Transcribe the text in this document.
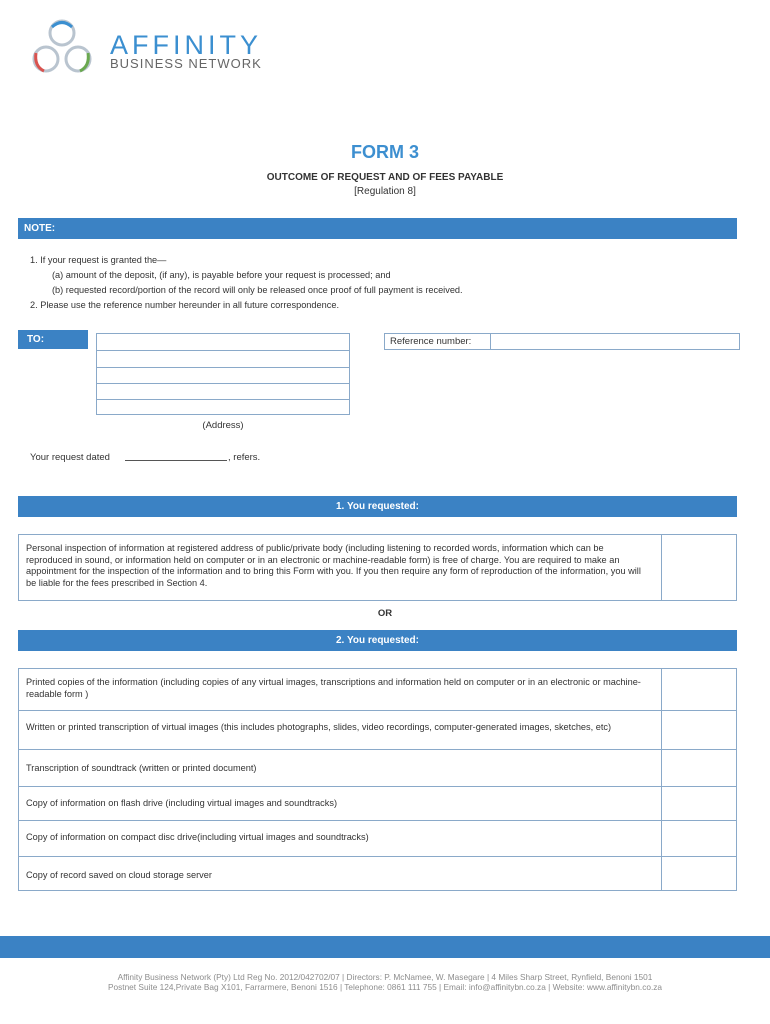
AFFINITY
BUSINESS NETWORK
FORM 3
OUTCOME OF REQUEST AND OF FEES PAYABLE
[Regulation 8]
NOTE:
1. If your request is granted the—
(a) amount of the deposit, (if any), is payable before your request is processed; and
(b) requested record/portion of the record will only be released once proof of full payment is received.
2. Please use the reference number hereunder in all future correspondence.
TO:
(Address)
Reference number:
Your request dated	, refers.
1. You requested:
Personal inspection of information at registered address of public/private body (including listening to recorded words, information which can be reproduced in sound, or information held on computer or in an electronic or machine-readable form) is free of charge. You are required to make an appointment for the inspection of the information and to bring this Form with you. If you then require any form of reproduction of the information, you will be liable for the fees prescribed in Section 4.
OR
2. You requested:
Printed copies of the information (including copies of any virtual images, transcriptions and information held on computer or in an electronic or machine-readable form )
Written or printed transcription of virtual images (this includes photographs, slides, video recordings, computer-generated images, sketches, etc)
Transcription of soundtrack (written or printed document)
Copy of information on flash drive (including virtual images and soundtracks)
Copy of information on compact disc drive(including virtual images and soundtracks)
Copy of record saved on cloud storage server
Affinity Business Network (Pty) Ltd Reg No. 2012/042702/07 | Directors: P. McNamee, W. Masegare | 4 Miles Sharp Street, Rynfield, Benoni 1501
Postnet Suite 124,Private Bag X101, Farrarmere, Benoni 1516 | Telephone: 0861 111 755 | Email: info@affinitybn.co.za | Website: www.affinitybn.co.za
